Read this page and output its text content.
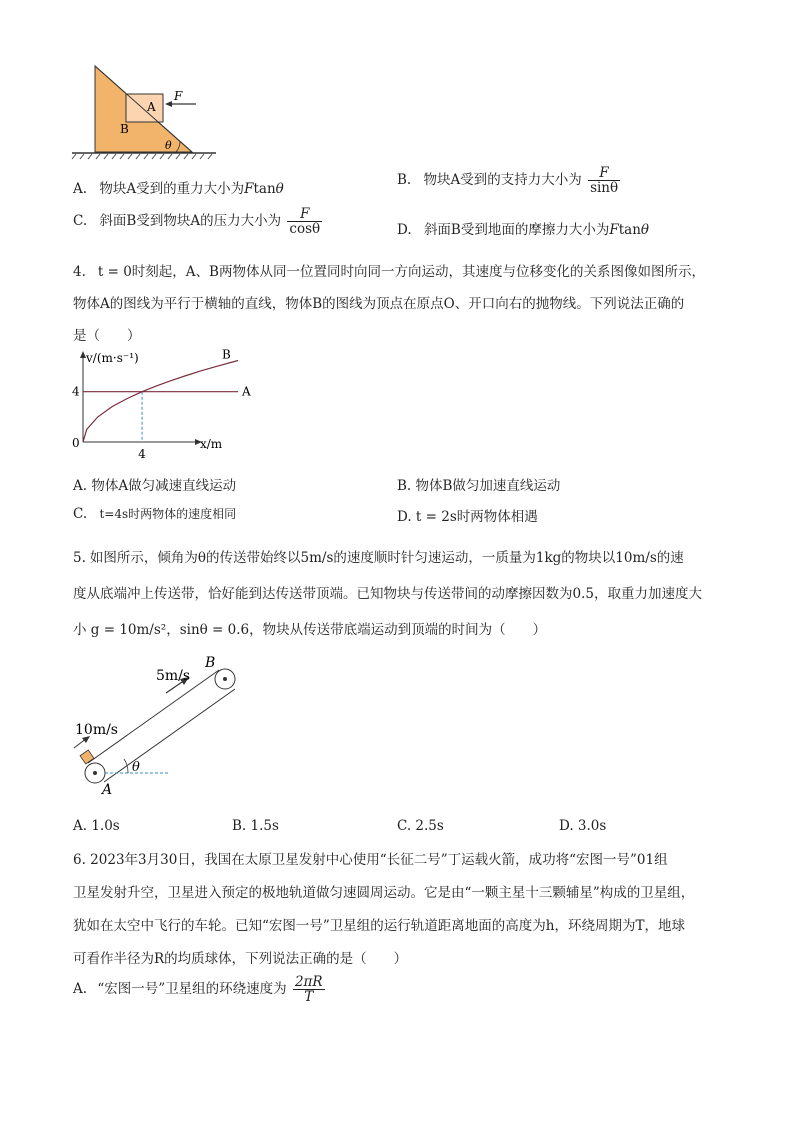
A
B
F
θ
A. 物块A受到的重力大小为Ftanθ
B. 物块A受到的支持力大小为 $\frac{F}{\sin\theta}$
C. 斜面B受到物块A的压力大小为 $\frac{F}{\cos\theta}$	D. 斜面B受到地面的摩擦力大小为Ftanθ
4. t = 0时刻起，A、B两物体从同一位置同时向同一方向运动，其速度与位移变化的关系图像如图所示，
物体A的图线为平行于横轴的直线，物体B的图线为顶点在原点O、开口向右的抛物线。下列说法正确的
是（　　）
v/(m·s⁻¹)
x/m
0
4
4
A
B
A. 物体A做匀减速直线运动	B. 物体B做匀加速直线运动
C. t=4s时两物体的速度相同	D. t = 2s时两物体相遇
5. 如图所示，倾角为θ的传送带始终以5m/s的速度顺时针匀速运动，一质量为1kg的物块以10m/s的速
度从底端冲上传送带，恰好能到达传送带顶端。已知物块与传送带间的动摩擦因数为0.5，取重力加速度大
小 g = 10m/s²，sinθ = 0.6，物块从传送带底端运动到顶端的时间为（　　）
θ
10m/s
5m/s
B
A
A. 1.0s	B. 1.5s	C. 2.5s	D. 3.0s
6. 2023年3月30日，我国在太原卫星发射中心使用“长征二号”丁运载火箭，成功将“宏图一号”01组
卫星发射升空，卫星进入预定的极地轨道做匀速圆周运动。它是由“一颗主星十三颗辅星”构成的卫星组，
犹如在太空中飞行的车轮。已知“宏图一号”卫星组的运行轨道距离地面的高度为h，环绕周期为T，地球
可看作半径为R的均质球体，下列说法正确的是（　　）
A. “宏图一号”卫星组的环绕速度为 $\frac{2\pi R}{T}$
